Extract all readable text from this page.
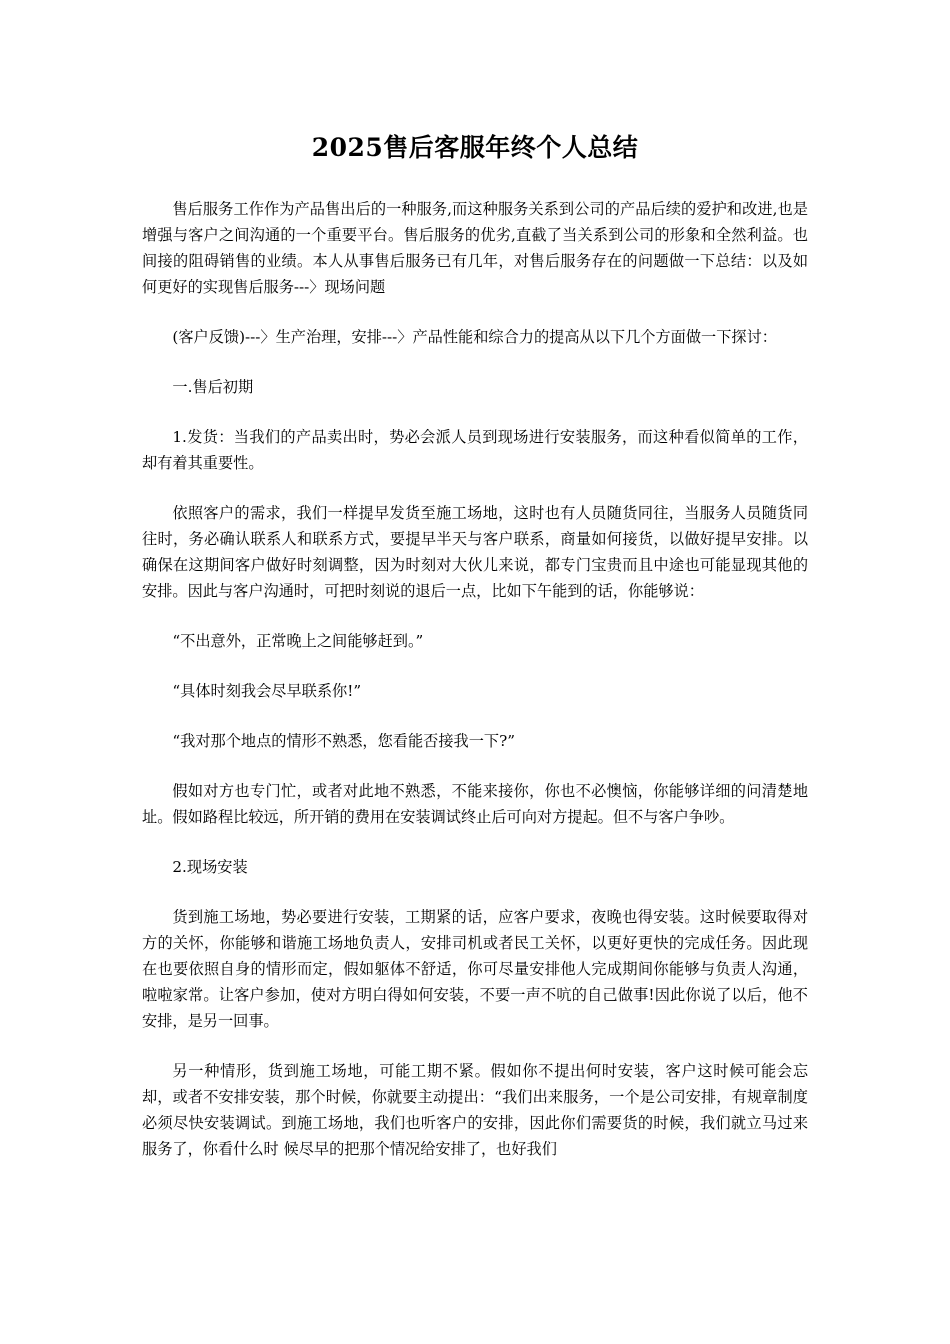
2025售后客服年终个人总结

售后服务工作作为产品售出后的一种服务,而这种服务关系到公司的产品后续的爱护和改进,也是增强与客户之间沟通的一个重要平台。售后服务的优劣,直截了当关系到公司的形象和全然利益。也间接的阻碍销售的业绩。本人从事售后服务已有几年，对售后服务存在的问题做一下总结：以及如何更好的实现售后服务---〉现场问题

(客户反馈)---〉生产治理，安排---〉产品性能和综合力的提高从以下几个方面做一下探讨：

一.售后初期

1.发货：当我们的产品卖出时，势必会派人员到现场进行安装服务，而这种看似简单的工作，却有着其重要性。

依照客户的需求，我们一样提早发货至施工场地，这时也有人员随货同往，当服务人员随货同往时，务必确认联系人和联系方式，要提早半天与客户联系，商量如何接货，以做好提早安排。以确保在这期间客户做好时刻调整，因为时刻对大伙儿来说，都专门宝贵而且中途也可能显现其他的安排。因此与客户沟通时，可把时刻说的退后一点，比如下午能到的话，你能够说：

“不出意外，正常晚上之间能够赶到。”

“具体时刻我会尽早联系你!”

“我对那个地点的情形不熟悉，您看能否接我一下?”

假如对方也专门忙，或者对此地不熟悉，不能来接你，你也不必懊恼，你能够详细的问清楚地址。假如路程比较远，所开销的费用在安装调试终止后可向对方提起。但不与客户争吵。

2.现场安装

货到施工场地，势必要进行安装，工期紧的话，应客户要求，夜晚也得安装。这时候要取得对方的关怀，你能够和谐施工场地负责人，安排司机或者民工关怀，以更好更快的完成任务。因此现在也要依照自身的情形而定，假如躯体不舒适，你可尽量安排他人完成期间你能够与负责人沟通，啦啦家常。让客户参加，使对方明白得如何安装，不要一声不吭的自己做事!因此你说了以后，他不安排，是另一回事。

另一种情形，货到施工场地，可能工期不紧。假如你不提出何时安装，客户这时候可能会忘却，或者不安排安装，那个时候，你就要主动提出：“我们出来服务，一个是公司安排，有规章制度必须尽快安装调试。到施工场地，我们也听客户的安排，因此你们需要货的时候，我们就立马过来服务了，你看什么时 候尽早的把那个情况给安排了，也好我们
